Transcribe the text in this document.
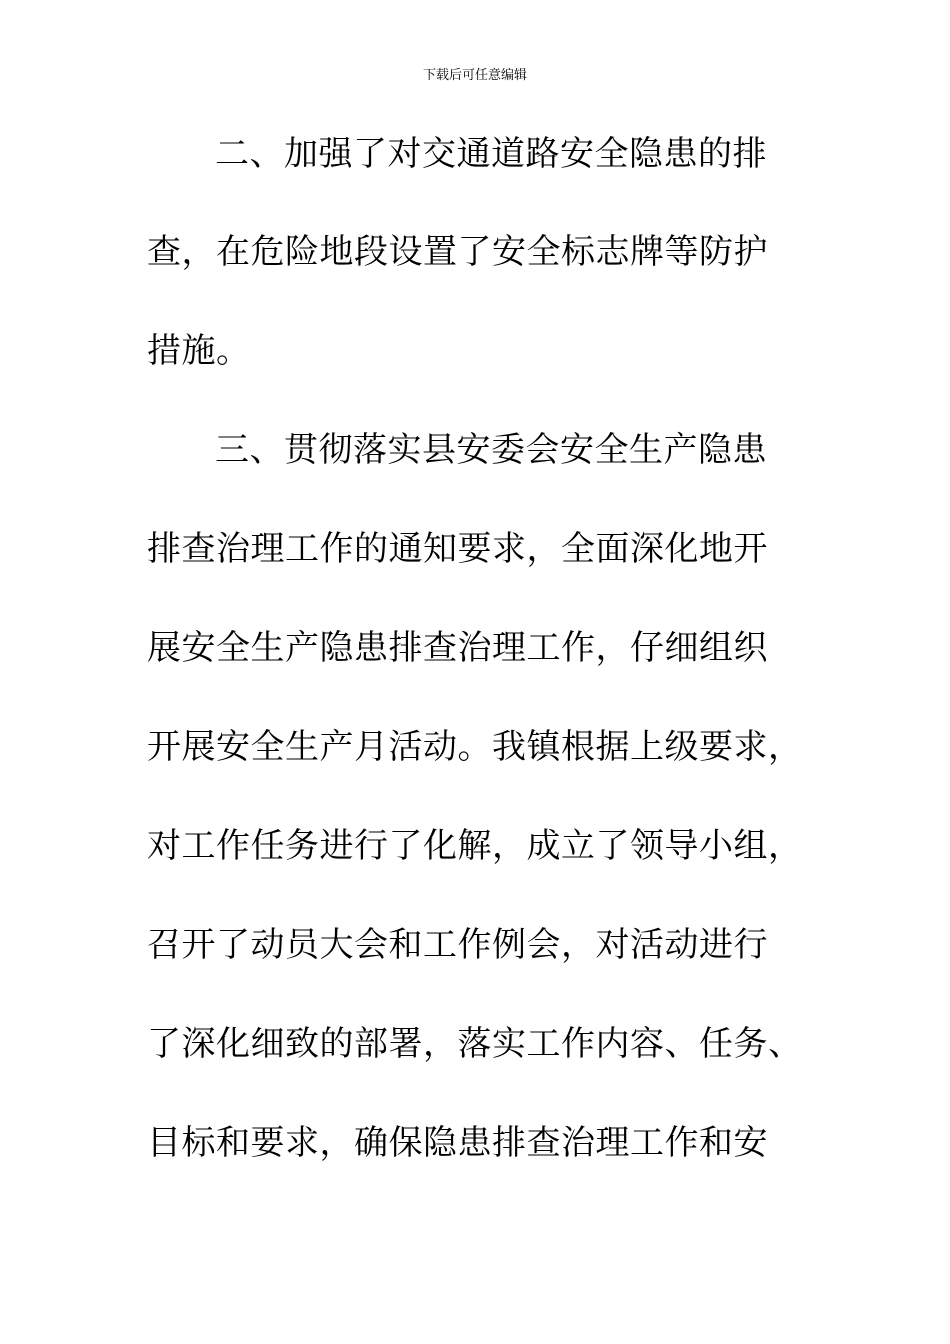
下载后可任意编辑
二、加强了对交通道路安全隐患的排
查，在危险地段设置了安全标志牌等防护
措施。
三、贯彻落实县安委会安全生产隐患
排查治理工作的通知要求，全面深化地开
展安全生产隐患排查治理工作，仔细组织
开展安全生产月活动。我镇根据上级要求，
对工作任务进行了化解，成立了领导小组，
召开了动员大会和工作例会，对活动进行
了深化细致的部署，落实工作内容、任务、
目标和要求，确保隐患排查治理工作和安
